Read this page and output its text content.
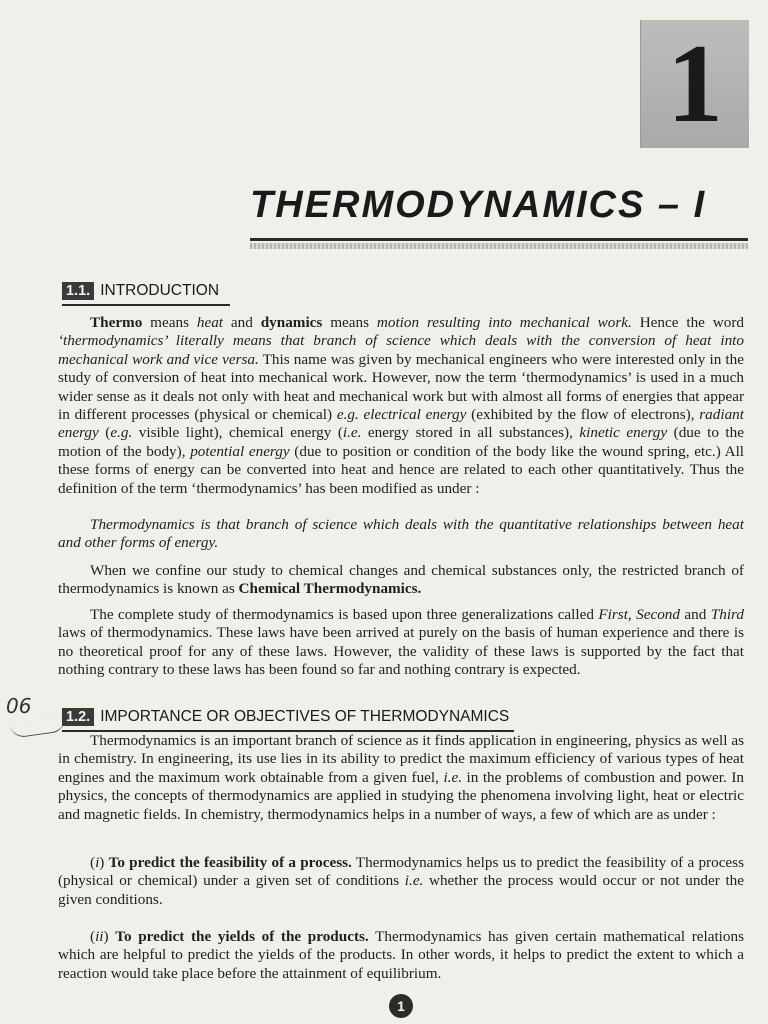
1
THERMODYNAMICS – I
1.1. INTRODUCTION

Thermo means heat and dynamics means motion resulting into mechanical work. Hence the word ‘thermodynamics’ literally means that branch of science which deals with the conversion of heat into mechanical work and vice versa. This name was given by mechanical engineers who were interested only in the study of conversion of heat into mechanical work. However, now the term ‘thermodynamics’ is used in a much wider sense as it deals not only with heat and mechanical work but with almost all forms of energies that appear in different processes (physical or chemical) e.g. electrical energy (exhibited by the flow of electrons), radiant energy (e.g. visible light), chemical energy (i.e. energy stored in all substances), kinetic energy (due to the motion of the body), potential energy (due to position or condition of the body like the wound spring, etc.) All these forms of energy can be converted into heat and hence are related to each other quantitatively. Thus the definition of the term ‘thermodynamics’ has been modified as under :

Thermodynamics is that branch of science which deals with the quantitative relationships between heat and other forms of energy.

When we confine our study to chemical changes and chemical substances only, the restricted branch of thermodynamics is known as Chemical Thermodynamics.

The complete study of thermodynamics is based upon three generalizations called First, Second and Third laws of thermodynamics. These laws have been arrived at purely on the basis of human experience and there is no theoretical proof for any of these laws. However, the validity of these laws is supported by the fact that nothing contrary to these laws has been found so far and nothing contrary is expected.

06 1.2. IMPORTANCE OR OBJECTIVES OF THERMODYNAMICS

Thermodynamics is an important branch of science as it finds application in engineering, physics as well as in chemistry. In engineering, its use lies in its ability to predict the maximum efficiency of various types of heat engines and the maximum work obtainable from a given fuel, i.e. in the problems of combustion and power. In physics, the concepts of thermodynamics are applied in studying the phenomena involving light, heat or electric and magnetic fields. In chemistry, thermodynamics helps in a number of ways, a few of which are as under :

(i) To predict the feasibility of a process. Thermodynamics helps us to predict the feasibility of a process (physical or chemical) under a given set of conditions i.e. whether the process would occur or not under the given conditions.

(ii) To predict the yields of the products. Thermodynamics has given certain mathematical relations which are helpful to predict the yields of the products. In other words, it helps to predict the extent to which a reaction would take place before the attainment of equilibrium.

1
